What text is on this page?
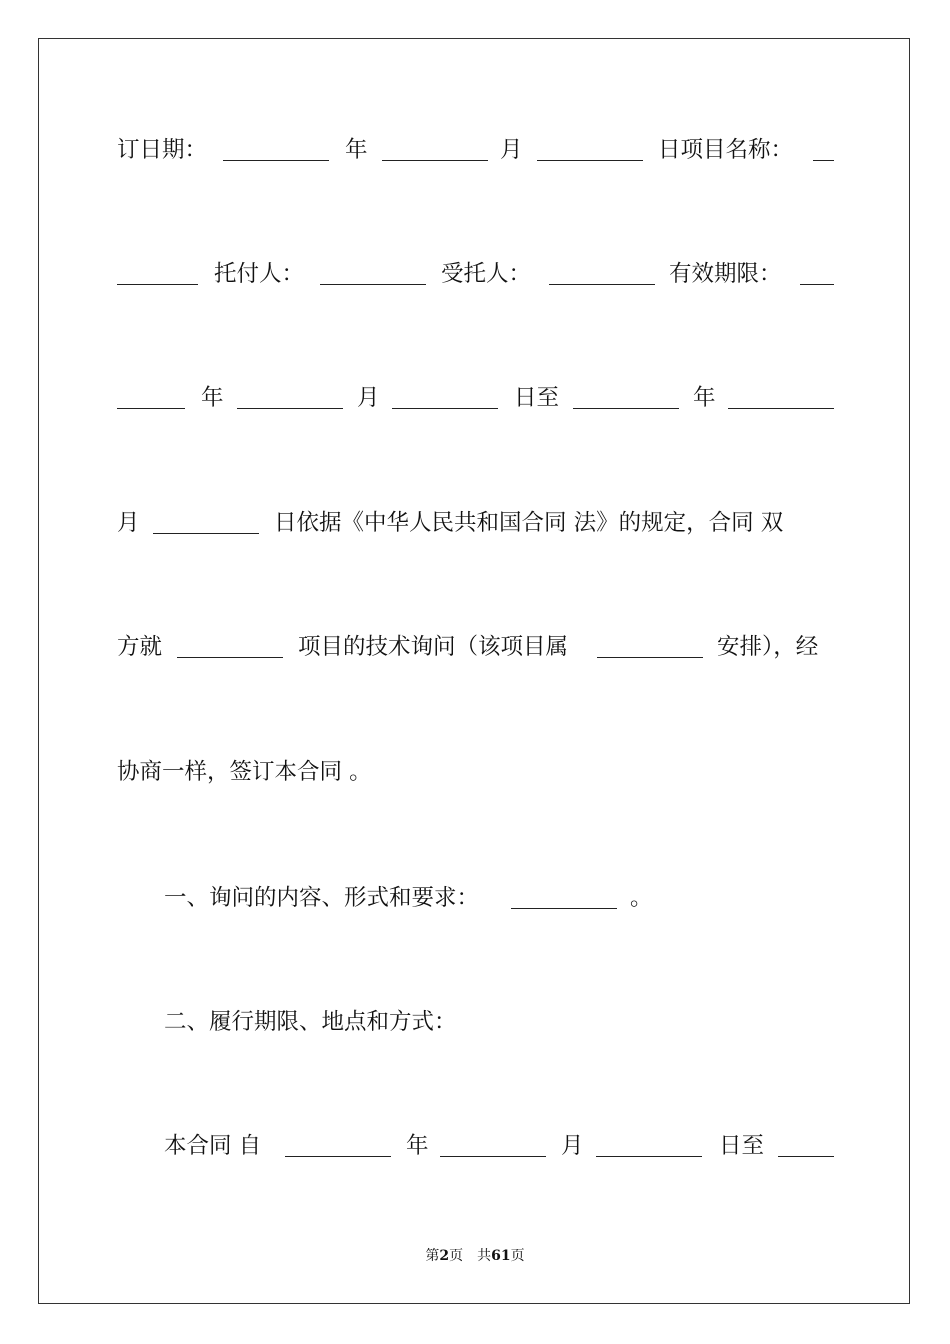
订日期：	年	月	日项目名称：
托付人：	受托人：	有效期限：
年	月	日至	年
月	日依据《中华人民共和国合同 法》的规定，合同 双
方就	项目的技术询问（该项目属	安排），经
协商一样，签订本合同 。
一、询问的内容、形式和要求：	。
二、履行期限、地点和方式：
本合同 自	年	月	日至
第2页 共61页
